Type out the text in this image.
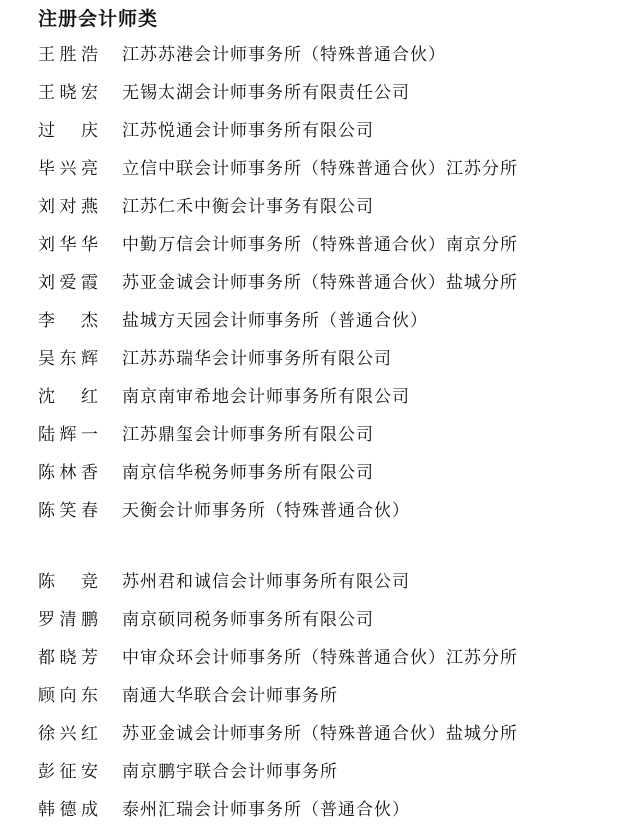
注册会计师类
王胜浩 江苏苏港会计师事务所（特殊普通合伙）
王晓宏 无锡太湖会计师事务所有限责任公司
过 庆 江苏悦通会计师事务所有限公司
毕兴亮 立信中联会计师事务所（特殊普通合伙）江苏分所
刘对燕 江苏仁禾中衡会计事务有限公司
刘华华 中勤万信会计师事务所（特殊普通合伙）南京分所
刘爱霞 苏亚金诚会计师事务所（特殊普通合伙）盐城分所
李 杰 盐城方天园会计师事务所（普通合伙）
吴东辉 江苏苏瑞华会计师事务所有限公司
沈 红 南京南审希地会计师事务所有限公司
陆辉一 江苏鼎玺会计师事务所有限公司
陈林香 南京信华税务师事务所有限公司
陈笑春 天衡会计师事务所（特殊普通合伙）
陈 竞 苏州君和诚信会计师事务所有限公司
罗清鹏 南京硕同税务师事务所有限公司
都晓芳 中审众环会计师事务所（特殊普通合伙）江苏分所
顾向东 南通大华联合会计师事务所
徐兴红 苏亚金诚会计师事务所（特殊普通合伙）盐城分所
彭征安 南京鹏宇联合会计师事务所
韩德成 泰州汇瑞会计师事务所（普通合伙）
